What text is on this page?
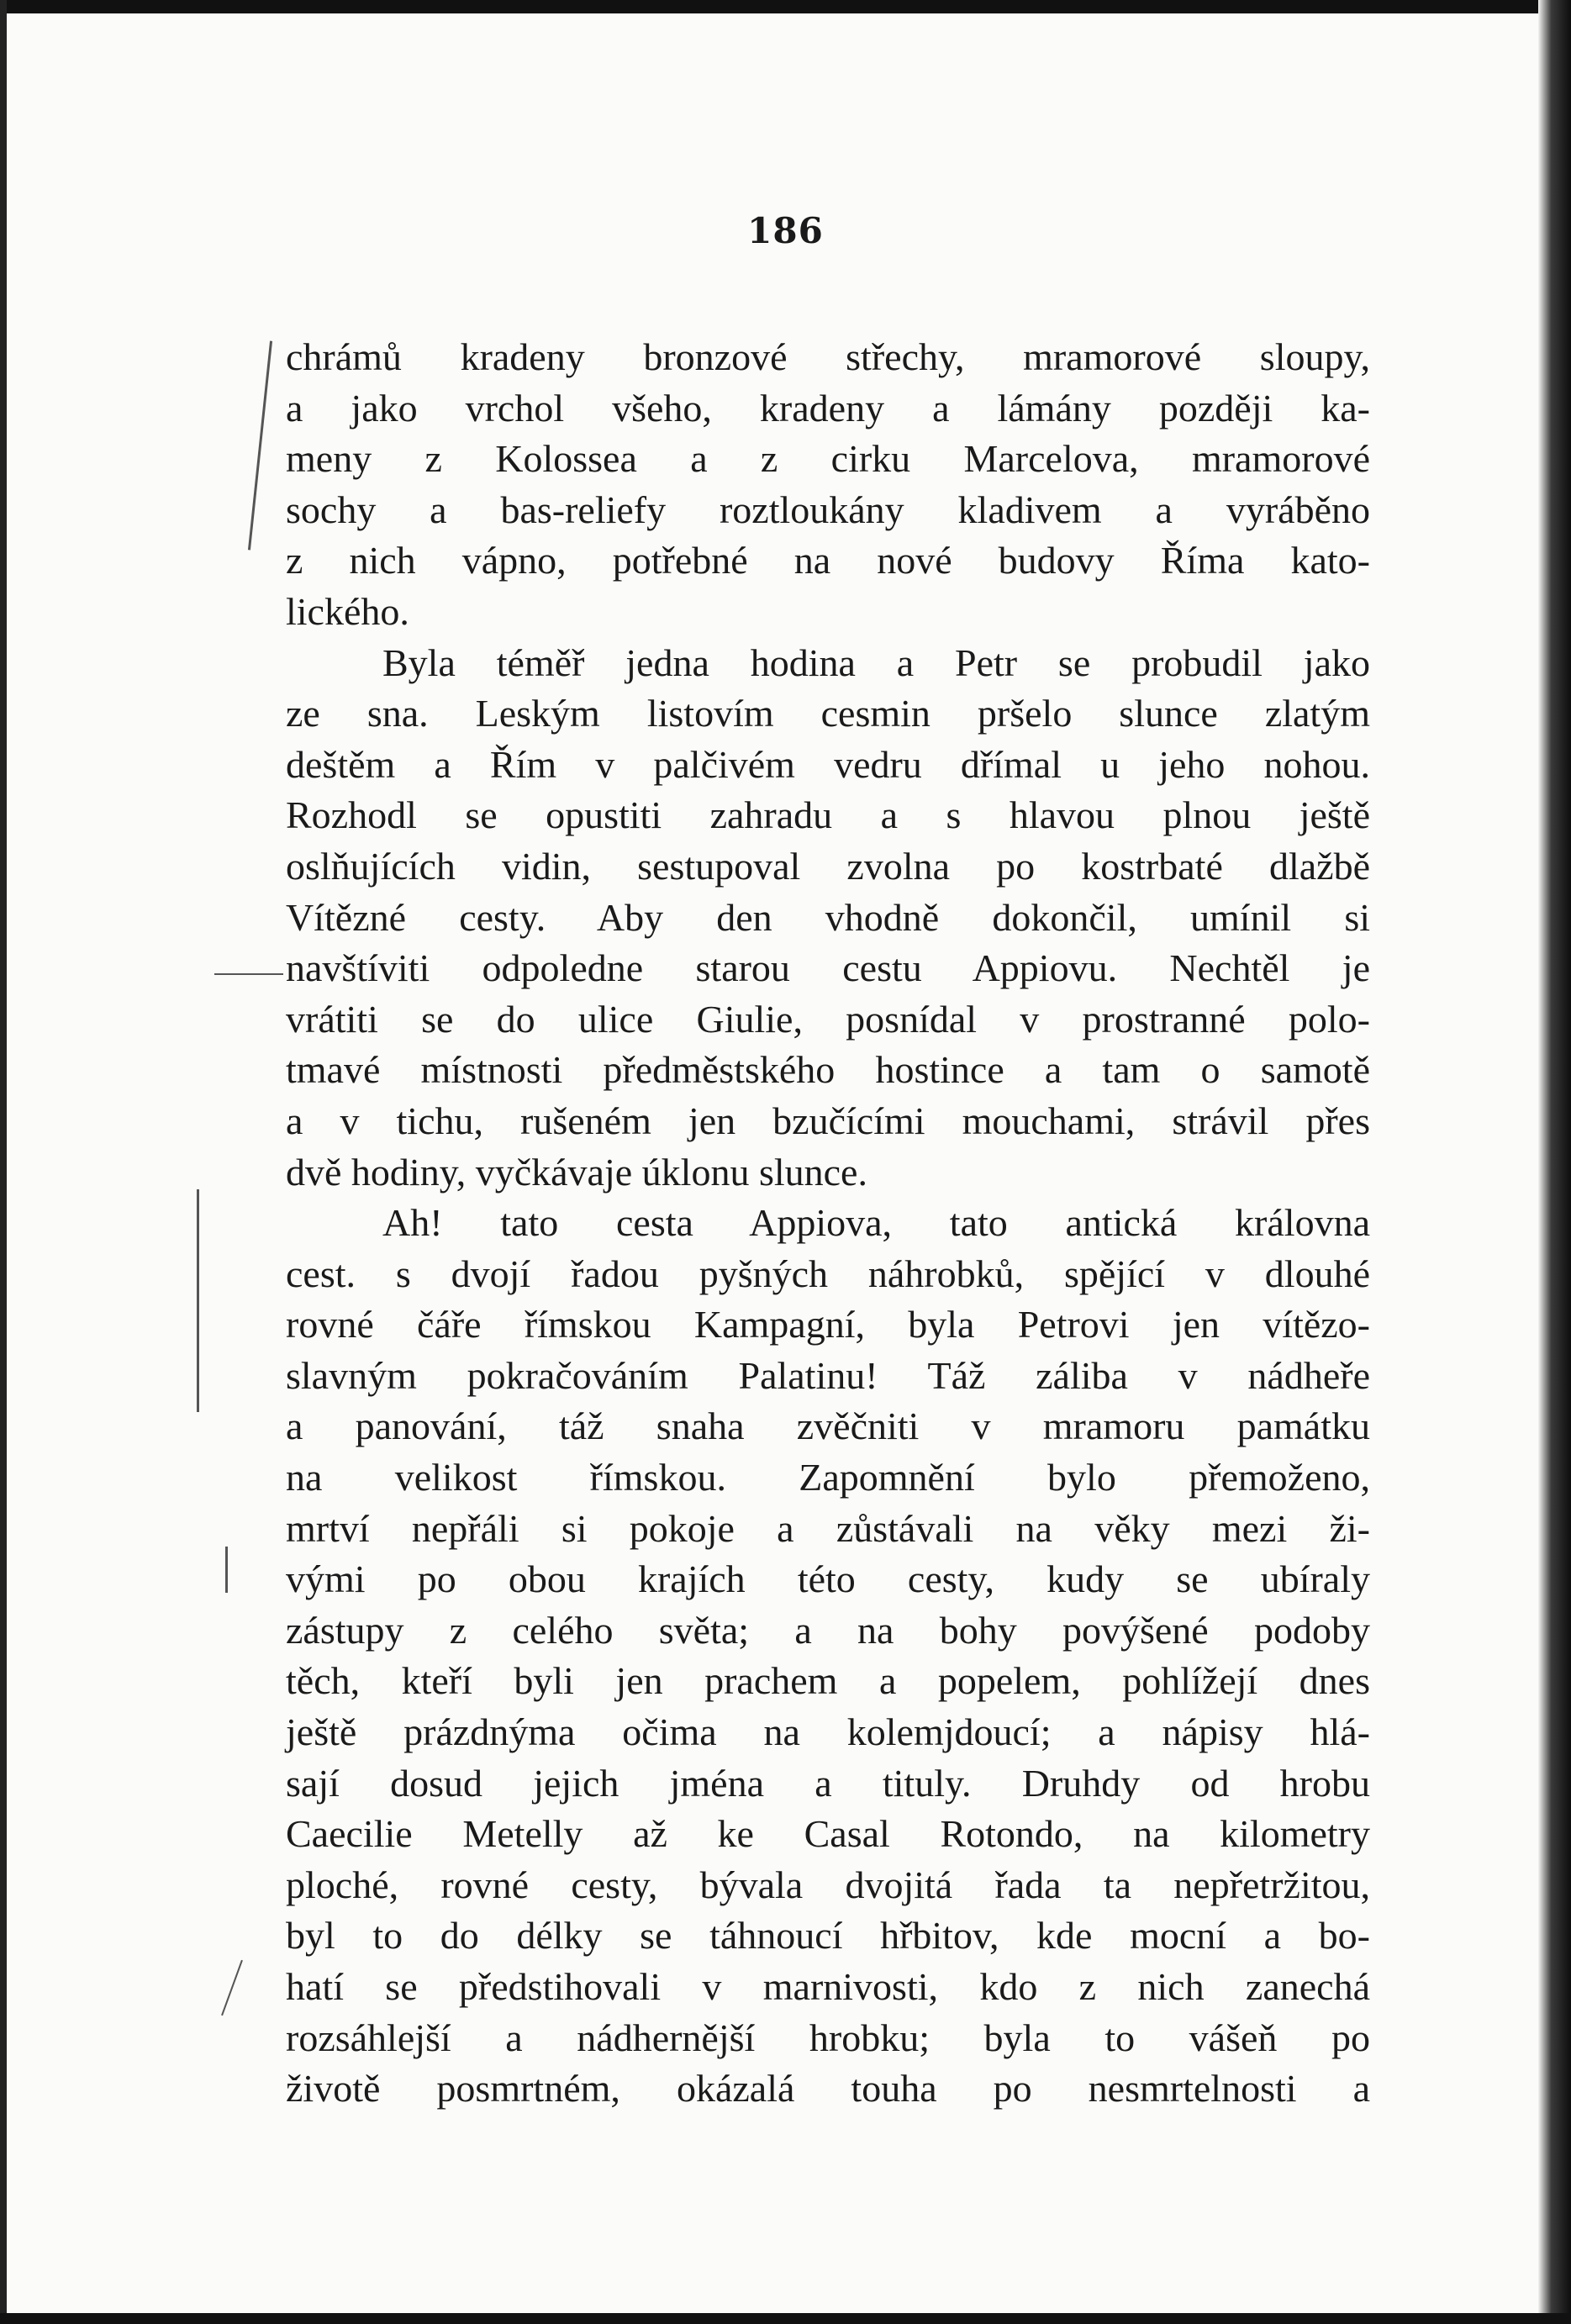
186
chrámů kradeny bronzové střechy, mramorové sloupy,
a jako vrchol všeho, kradeny a lámány později ka-
meny z Kolossea a z cirku Marcelova, mramorové
sochy a bas-reliefy roztloukány kladivem a vyráběno
z nich vápno, potřebné na nové budovy Říma kato-
lického.
Byla téměř jedna hodina a Petr se probudil jako
ze sna. Leským listovím cesmin pršelo slunce zlatým
deštěm a Řím v palčivém vedru dřímal u jeho nohou.
Rozhodl se opustiti zahradu a s hlavou plnou ještě
oslňujících vidin, sestupoval zvolna po kostrbaté dlažbě
Vítězné cesty. Aby den vhodně dokončil, umínil si
navštíviti odpoledne starou cestu Appiovu. Nechtěl je
vrátiti se do ulice Giulie, posnídal v prostranné polo-
tmavé místnosti předměstského hostince a tam o samotě
a v tichu, rušeném jen bzučícími mouchami, strávil přes
dvě hodiny, vyčkávaje úklonu slunce.
Ah! tato cesta Appiova, tato antická královna
cest. s dvojí řadou pyšných náhrobků, spějící v dlouhé
rovné čáře římskou Kampagní, byla Petrovi jen vítězo-
slavným pokračováním Palatinu! Táž záliba v nádheře
a panování, táž snaha zvěčniti v mramoru památku
na velikost římskou. Zapomnění bylo přemoženo,
mrtví nepřáli si pokoje a zůstávali na věky mezi ži-
vými po obou krajích této cesty, kudy se ubíraly
zástupy z celého světa; a na bohy povýšené podoby
těch, kteří byli jen prachem a popelem, pohlížejí dnes
ještě prázdnýma očima na kolemjdoucí; a nápisy hlá-
sají dosud jejich jména a tituly. Druhdy od hrobu
Caecilie Metelly až ke Casal Rotondo, na kilometry
ploché, rovné cesty, bývala dvojitá řada ta nepřetržitou,
byl to do délky se táhnoucí hřbitov, kde mocní a bo-
hatí se předstihovali v marnivosti, kdo z nich zanechá
rozsáhlejší a nádhernější hrobku; byla to vášeň po
životě posmrtném, okázalá touha po nesmrtelnosti a
